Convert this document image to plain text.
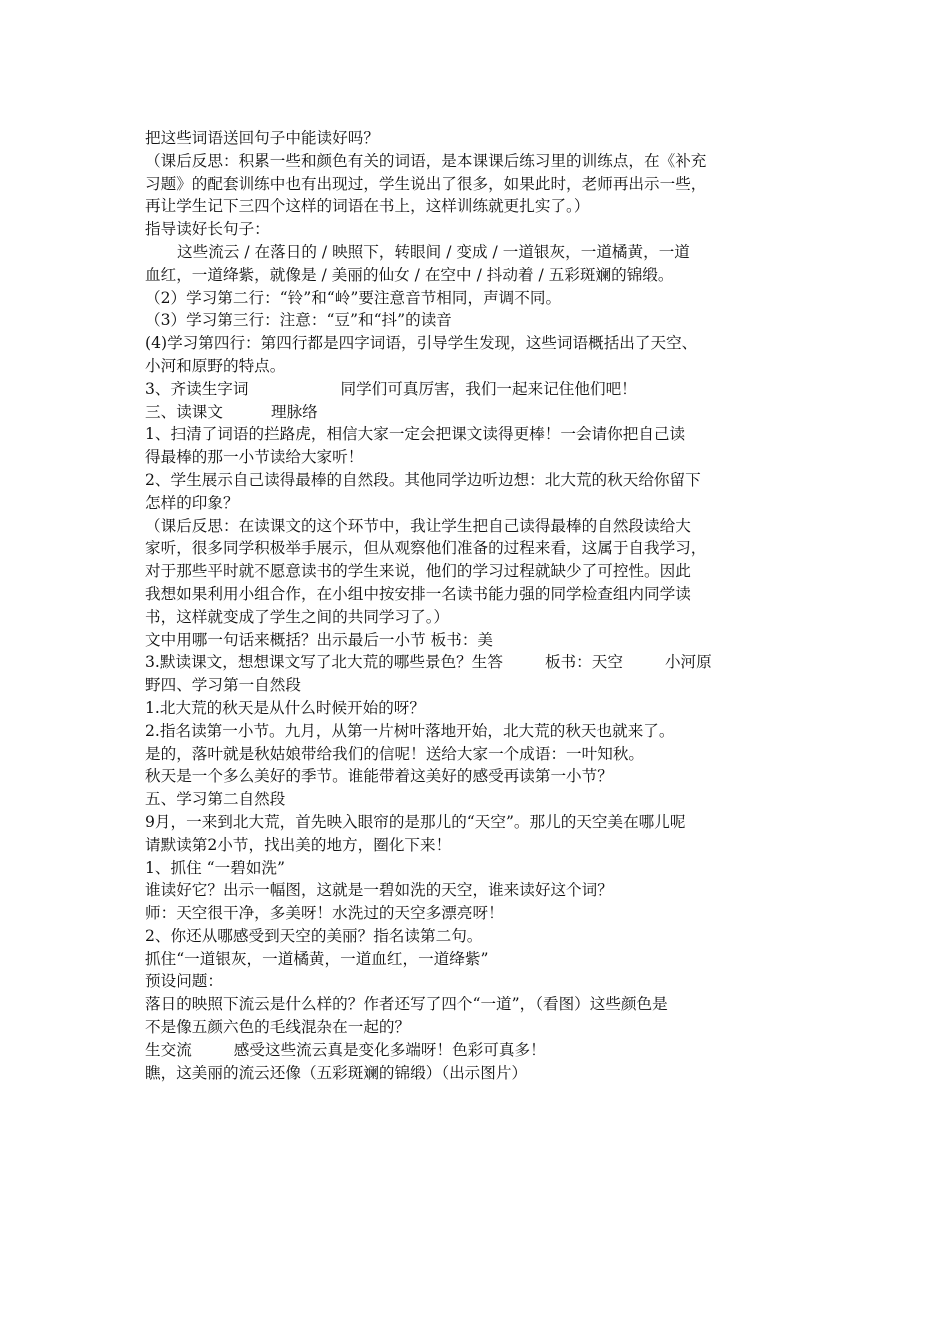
把这些词语送回句子中能读好吗？
（课后反思：积累一些和颜色有关的词语，是本课课后练习里的训练点，在《补充
习题》的配套训练中也有出现过，学生说出了很多，如果此时，老师再出示一些，
再让学生记下三四个这样的词语在书上，这样训练就更扎实了。）
指导读好长句子：
这些流云 / 在落日的 / 映照下，转眼间 / 变成 / 一道银灰，一道橘黄，一道
血红，一道绛紫，就像是 / 美丽的仙女 / 在空中 / 抖动着 / 五彩斑斓的锦缎。
（2）学习第二行：“铃”和“岭”要注意音节相同，声调不同。
（3）学习第三行：注意：“豆”和“抖”的读音
(4)学习第四行：第四行都是四字词语，引导学生发现，这些词语概括出了天空、
小河和原野的特点。
3、齐读生字词	同学们可真厉害，我们一起来记住他们吧！
三、读课文	理脉络
1、扫清了词语的拦路虎，相信大家一定会把课文读得更棒！一会请你把自己读
得最棒的那一小节读给大家听！
2、学生展示自己读得最棒的自然段。其他同学边听边想：北大荒的秋天给你留下
怎样的印象？
（课后反思：在读课文的这个环节中，我让学生把自己读得最棒的自然段读给大
家听，很多同学积极举手展示，但从观察他们准备的过程来看，这属于自我学习，
对于那些平时就不愿意读书的学生来说，他们的学习过程就缺少了可控性。因此
我想如果利用小组合作，在小组中按安排一名读书能力强的同学检查组内同学读
书，这样就变成了学生之间的共同学习了。）
文中用哪一句话来概括？出示最后一小节 板书：美
3.默读课文，想想课文写了北大荒的哪些景色？生答	板书：天空	小河原
野四、学习第一自然段
1.北大荒的秋天是从什么时候开始的呀？
2.指名读第一小节。九月，从第一片树叶落地开始，北大荒的秋天也就来了。
是的，落叶就是秋姑娘带给我们的信呢！送给大家一个成语：一叶知秋。
秋天是一个多么美好的季节。谁能带着这美好的感受再读第一小节？
五、学习第二自然段
9月，一来到北大荒，首先映入眼帘的是那儿的“天空”。那儿的天空美在哪儿呢
请默读第2小节，找出美的地方，圈化下来！
1、抓住 “一碧如洗”
谁读好它？出示一幅图，这就是一碧如洗的天空，谁来读好这个词？
师：天空很干净，多美呀！水洗过的天空多漂亮呀！
2、你还从哪感受到天空的美丽？指名读第二句。
抓住“一道银灰，一道橘黄，一道血红，一道绛紫”
预设问题：
落日的映照下流云是什么样的？作者还写了四个“一道”，（看图）这些颜色是
不是像五颜六色的毛线混杂在一起的？
生交流	感受这些流云真是变化多端呀！色彩可真多！
瞧，这美丽的流云还像（五彩斑斓的锦缎）（出示图片）
